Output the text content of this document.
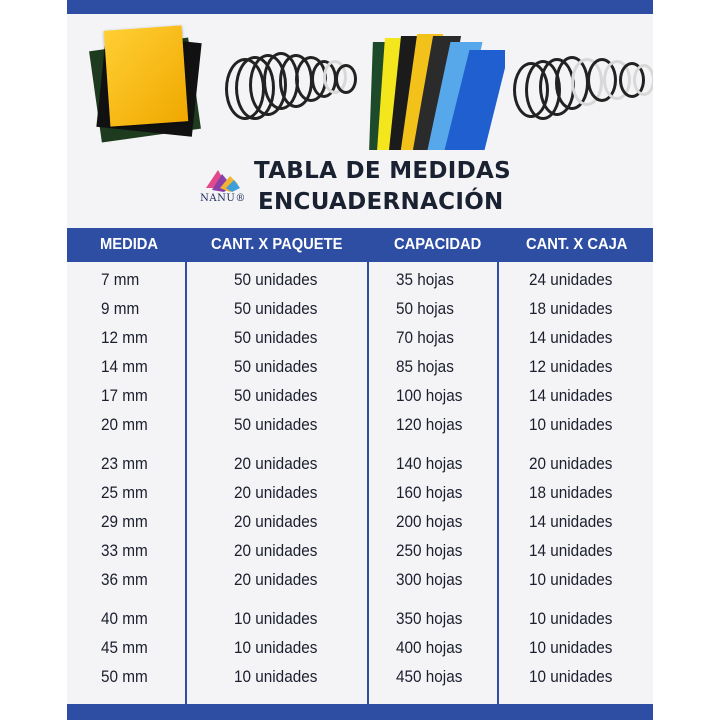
NANU®
TABLA DE MEDIDAS
ENCUADERNACIÓN
MEDIDA	CANT. X PAQUETE	CAPACIDAD	CANT. X CAJA
7 mm	50 unidades	35 hojas	24 unidades
9 mm	50 unidades	50 hojas	18 unidades
12 mm	50 unidades	70 hojas	14 unidades
14 mm	50 unidades	85 hojas	12 unidades
17 mm	50 unidades	100 hojas	14 unidades
20 mm	50 unidades	120 hojas	10 unidades
23 mm	20 unidades	140 hojas	20 unidades
25 mm	20 unidades	160 hojas	18 unidades
29 mm	20 unidades	200 hojas	14 unidades
33 mm	20 unidades	250 hojas	14 unidades
36 mm	20 unidades	300 hojas	10 unidades
40 mm	10 unidades	350 hojas	10 unidades
45 mm	10 unidades	400 hojas	10 unidades
50 mm	10 unidades	450 hojas	10 unidades
